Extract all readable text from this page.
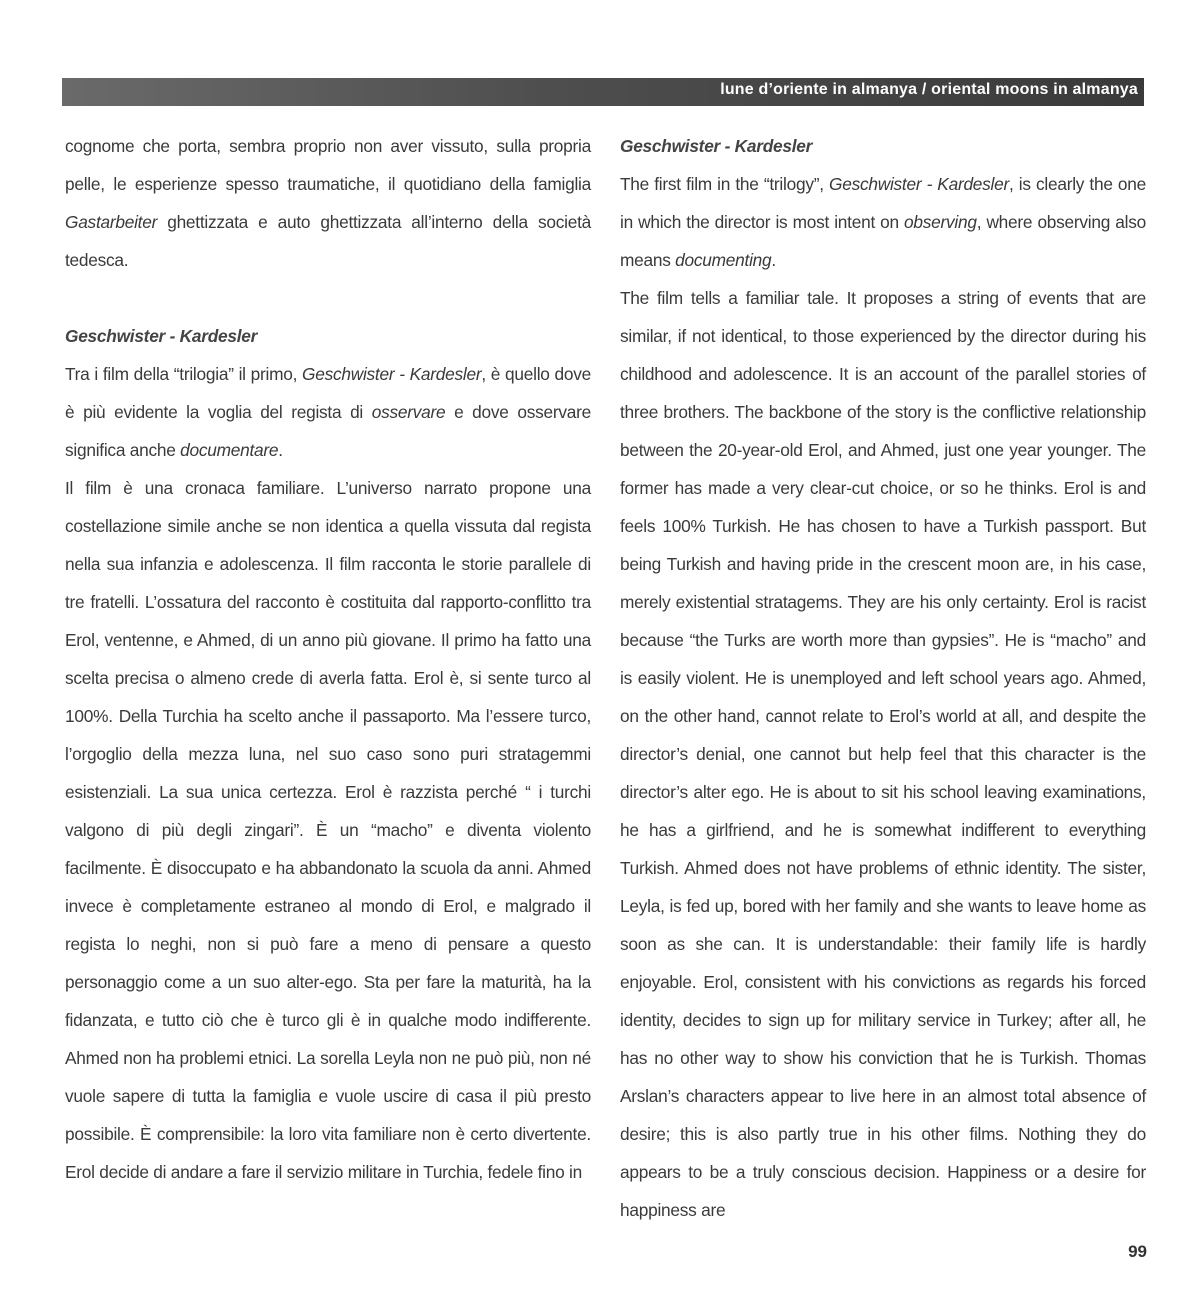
lune d’oriente in almanya / oriental moons in almanya

cognome che porta, sembra proprio non aver vissuto, sulla propria pelle, le esperienze spesso traumatiche, il quotidiano della famiglia Gastarbeiter ghettizzata e auto ghettizzata all’interno della società tedesca.

Geschwister - Kardesler

Tra i film della “trilogia” il primo, Geschwister - Kardesler, è quello dove è più evidente la voglia del regista di osservare e dove osservare significa anche documentare.

Il film è una cronaca familiare. L’universo narrato propone una costellazione simile anche se non identica a quella vissuta dal regista nella sua infanzia e adolescenza. Il film racconta le storie parallele di tre fratelli. L’ossatura del racconto è costituita dal rapporto-conflitto tra Erol, ventenne, e Ahmed, di un anno più giovane. Il primo ha fatto una scelta precisa o almeno crede di averla fatta. Erol è, si sente turco al 100%. Della Turchia ha scelto anche il passaporto. Ma l’essere turco, l’orgoglio della mezza luna, nel suo caso sono puri stratagemmi esistenziali. La sua unica certezza. Erol è razzista perché “ i turchi valgono di più degli zingari”. È un “macho” e diventa violento facilmente. È disoccupato e ha abbandonato la scuola da anni. Ahmed invece è completamente estraneo al mondo di Erol, e malgrado il regista lo neghi, non si può fare a meno di pensare a questo personaggio come a un suo alter-ego. Sta per fare la maturità, ha la fidanzata, e tutto ciò che è turco gli è in qualche modo indifferente. Ahmed non ha problemi etnici. La sorella Leyla non ne può più, non né vuole sapere di tutta la famiglia e vuole uscire di casa il più presto possibile. È comprensibile: la loro vita familiare non è certo divertente. Erol decide di andare a fare il servizio militare in Turchia, fedele fino in

Geschwister - Kardesler

The first film in the “trilogy”, Geschwister - Kardesler, is clearly the one in which the director is most intent on observing, where observing also means documenting.

The film tells a familiar tale. It proposes a string of events that are similar, if not identical, to those experienced by the director during his childhood and adolescence. It is an account of the parallel stories of three brothers. The backbone of the story is the conflictive relationship between the 20-year-old Erol, and Ahmed, just one year younger. The former has made a very clear-cut choice, or so he thinks. Erol is and feels 100% Turkish. He has chosen to have a Turkish passport. But being Turkish and having pride in the crescent moon are, in his case, merely existential stratagems. They are his only certainty. Erol is racist because “the Turks are worth more than gypsies”. He is “macho” and is easily violent. He is unemployed and left school years ago. Ahmed, on the other hand, cannot relate to Erol’s world at all, and despite the director’s denial, one cannot but help feel that this character is the director’s alter ego. He is about to sit his school leaving examinations, he has a girlfriend, and he is somewhat indifferent to everything Turkish. Ahmed does not have problems of ethnic identity. The sister, Leyla, is fed up, bored with her family and she wants to leave home as soon as she can. It is understandable: their family life is hardly enjoyable. Erol, consistent with his convictions as regards his forced identity, decides to sign up for military service in Turkey; after all, he has no other way to show his conviction that he is Turkish. Thomas Arslan’s characters appear to live here in an almost total absence of desire; this is also partly true in his other films. Nothing they do appears to be a truly conscious decision. Happiness or a desire for happiness are

99
